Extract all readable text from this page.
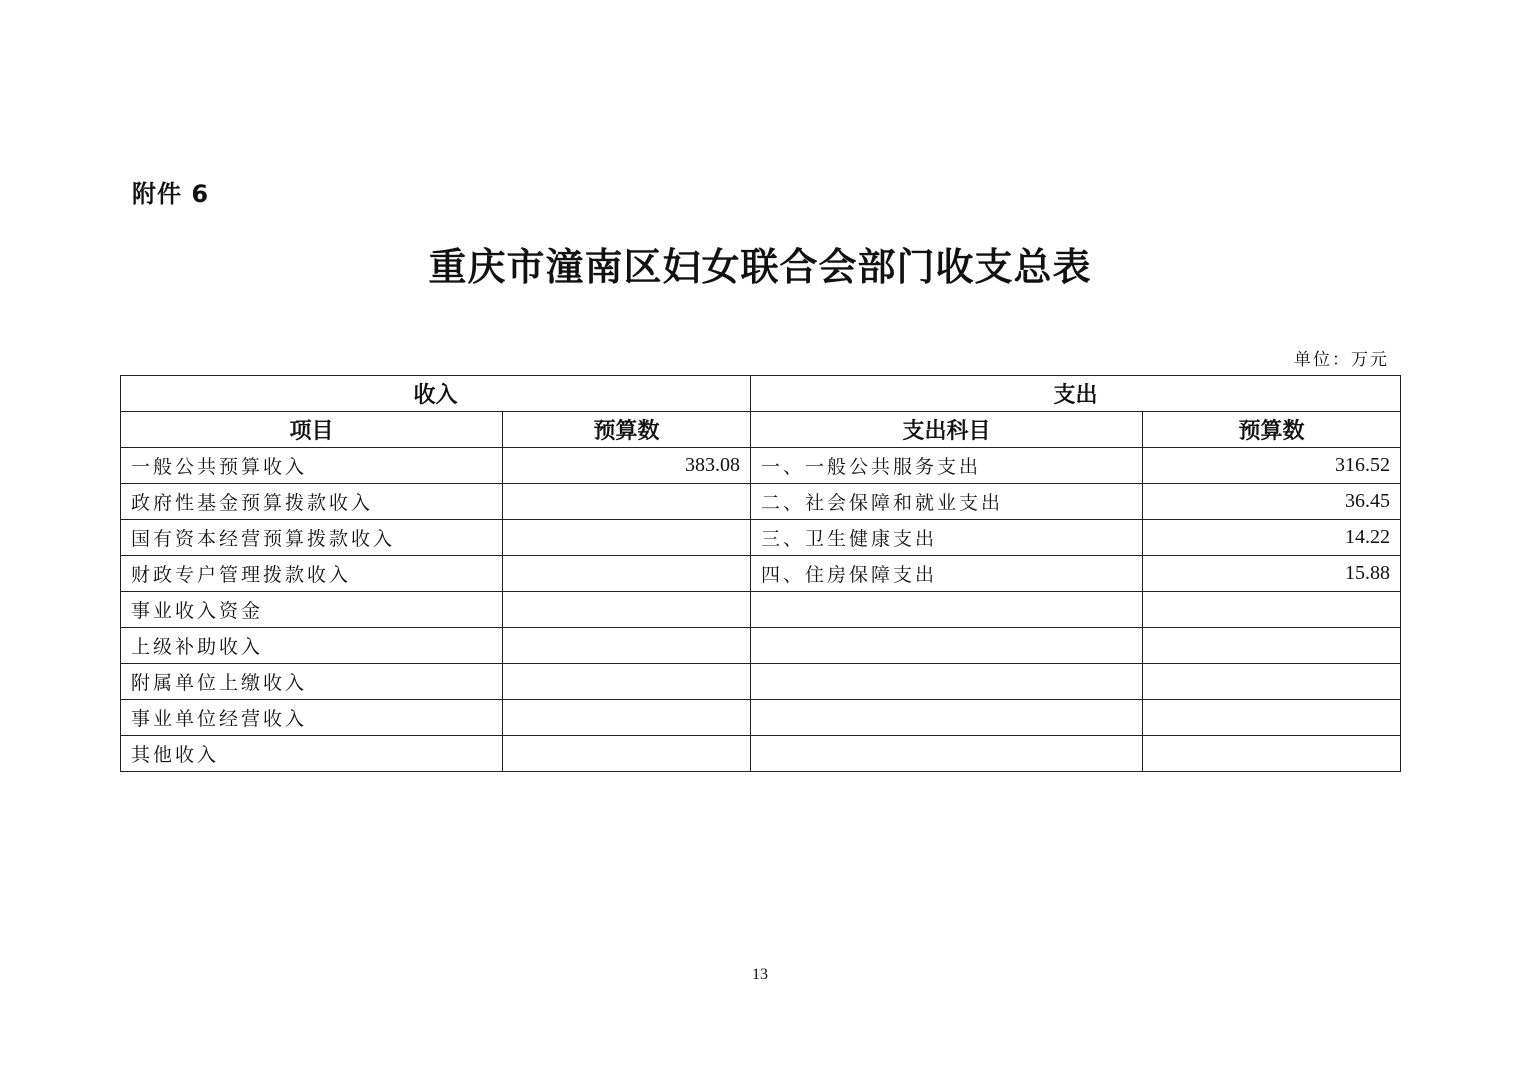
附件 6
重庆市潼南区妇女联合会部门收支总表
单位：万元
收入		支出	
项目	预算数	支出科目	预算数
一般公共预算收入	383.08	一、一般公共服务支出	316.52
政府性基金预算拨款收入		二、社会保障和就业支出	36.45
国有资本经营预算拨款收入		三、卫生健康支出	14.22
财政专户管理拨款收入		四、住房保障支出	15.88
事业收入资金			
上级补助收入			
附属单位上缴收入			
事业单位经营收入			
其他收入			
13
